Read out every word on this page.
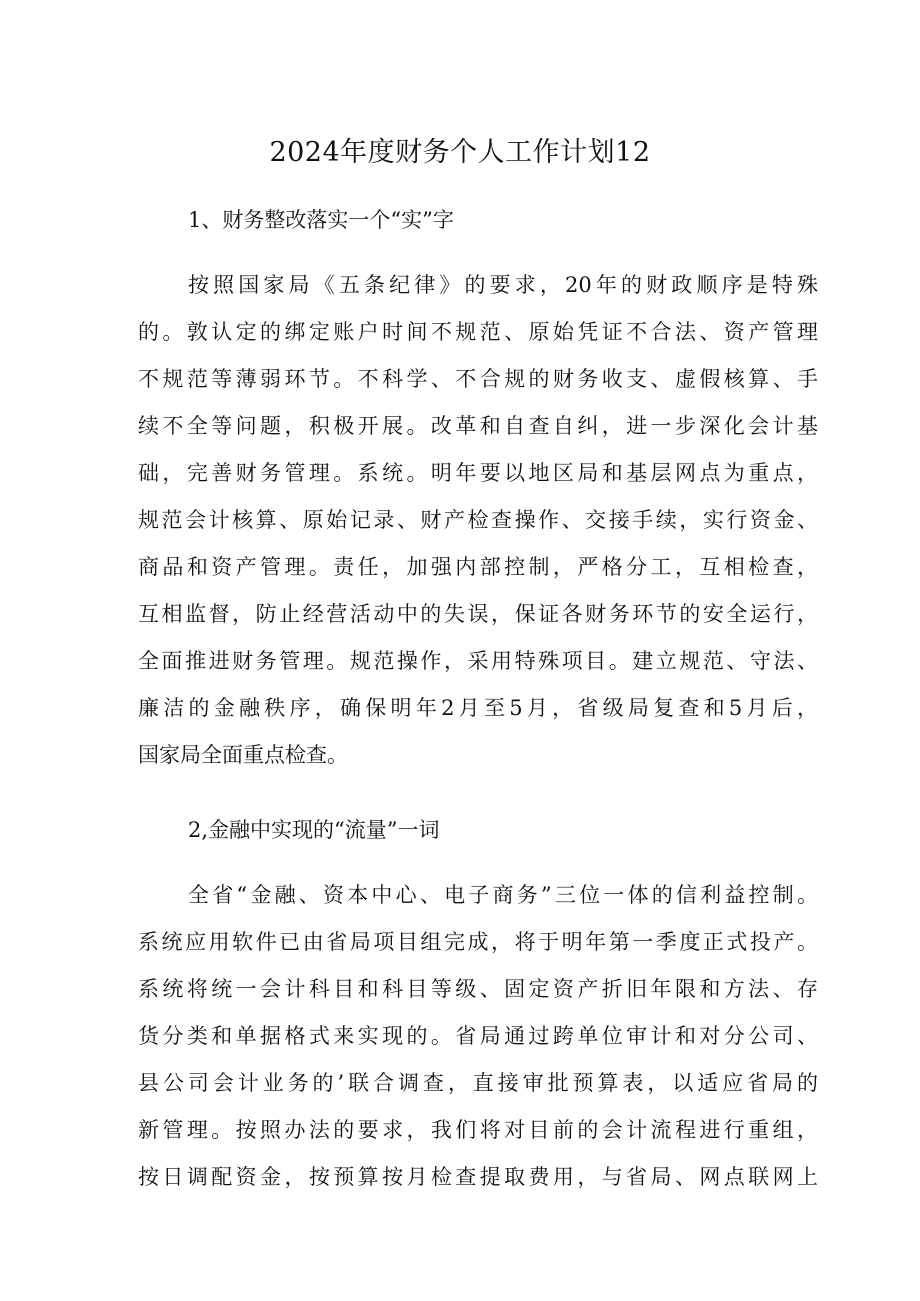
2024年度财务个人工作计划12
1、财务整改落实一个“实”字
按照国家局《五条纪律》的要求，20年的财政顺序是特殊
的。敦认定的绑定账户时间不规范、原始凭证不合法、资产管理
不规范等薄弱环节。不科学、不合规的财务收支、虚假核算、手
续不全等问题，积极开展。改革和自查自纠，进一步深化会计基
础，完善财务管理。系统。明年要以地区局和基层网点为重点，
规范会计核算、原始记录、财产检查操作、交接手续，实行资金、
商品和资产管理。责任，加强内部控制，严格分工，互相检查，
互相监督，防止经营活动中的失误，保证各财务环节的安全运行，
全面推进财务管理。规范操作，采用特殊项目。建立规范、守法、
廉洁的金融秩序，确保明年2月至5月，省级局复查和5月后，
国家局全面重点检查。
2,金融中实现的“流量”一词
全省“金融、资本中心、电子商务”三位一体的信利益控制。
系统应用软件已由省局项目组完成，将于明年第一季度正式投产。
系统将统一会计科目和科目等级、固定资产折旧年限和方法、存
货分类和单据格式来实现的。省局通过跨单位审计和对分公司、
县公司会计业务的’联合调查，直接审批预算表，以适应省局的
新管理。按照办法的要求，我们将对目前的会计流程进行重组，
按日调配资金，按预算按月检查提取费用，与省局、网点联网上
